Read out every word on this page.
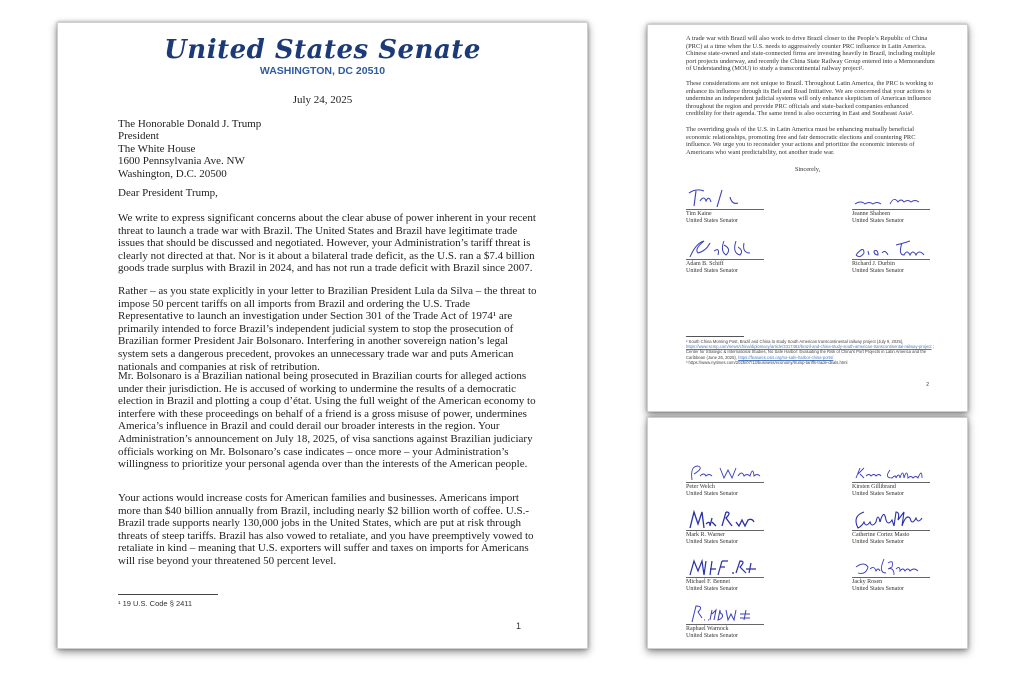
United States Senate
WASHINGTON, DC 20510
July 24, 2025
The Honorable Donald J. Trump
President
The White House
1600 Pennsylvania Ave. NW
Washington, D.C. 20500
Dear President Trump,

We write to express significant concerns about the clear abuse of power inherent in your recent threat to launch a trade war with Brazil. The United States and Brazil have legitimate trade issues that should be discussed and negotiated. However, your Administration’s tariff threat is clearly not directed at that. Nor is it about a bilateral trade deficit, as the U.S. ran a $7.4 billion goods trade surplus with Brazil in 2024, and has not run a trade deficit with Brazil since 2007.

Rather – as you state explicitly in your letter to Brazilian President Lula da Silva – the threat to impose 50 percent tariffs on all imports from Brazil and ordering the U.S. Trade Representative to launch an investigation under Section 301 of the Trade Act of 1974¹ are primarily intended to force Brazil’s independent judicial system to stop the prosecution of Brazilian former President Jair Bolsonaro. Interfering in another sovereign nation’s legal system sets a dangerous precedent, provokes an unnecessary trade war and puts American nationals and companies at risk of retribution.

Mr. Bolsonaro is a Brazilian national being prosecuted in Brazilian courts for alleged actions under their jurisdiction. He is accused of working to undermine the results of a democratic election in Brazil and plotting a coup d’état. Using the full weight of the American economy to interfere with these proceedings on behalf of a friend is a gross misuse of power, undermines America’s influence in Brazil and could derail our broader interests in the region. Your Administration’s announcement on July 18, 2025, of visa sanctions against Brazilian judiciary officials working on Mr. Bolsonaro’s case indicates – once more – your Administration’s willingness to prioritize your personal agenda over than the interests of the American people.

Your actions would increase costs for American families and businesses. Americans import more than $40 billion annually from Brazil, including nearly $2 billion worth of coffee. U.S.-Brazil trade supports nearly 130,000 jobs in the United States, which are put at risk through threats of steep tariffs. Brazil has also vowed to retaliate, and you have preemptively vowed to retaliate in kind – meaning that U.S. exporters will suffer and taxes on imports for Americans will rise beyond your threatened 50 percent level.

¹ 19 U.S. Code § 2411
1

A trade war with Brazil will also work to drive Brazil closer to the People’s Republic of China (PRC) at a time when the U.S. needs to aggressively counter PRC influence in Latin America. Chinese state-owned and state-connected firms are investing heavily in Brazil, including multiple port projects underway, and recently the China State Railway Group entered into a Memorandum of Understanding (MOU) to study a transcontinental railway project².

These considerations are not unique to Brazil. Throughout Latin America, the PRC is working to enhance its influence through its Belt and Road Initiative. We are concerned that your actions to undermine an independent judicial systems will only enhance skepticism of American influence throughout the region and provide PRC officials and state-backed companies enhanced credibility for their agenda. The same trend is also occurring in East and Southeast Asia³.

The overriding goals of the U.S. in Latin America must be enhancing mutually beneficial economic relationships, promoting free and fair democratic elections and countering PRC influence. We urge you to reconsider your actions and prioritize the economic interests of Americans who want predictability, not another trade war.

Sincerely,
Tim Kaine
United States Senator
Jeanne Shaheen
United States Senator
Adam B. Schiff
United States Senator
Richard J. Durbin
United States Senator
² South China Morning Post, Brazil and China to study South American transcontinental railway project (July 9, 2025), https://www.scmp.com/news/china/diplomacy/article/3317462/brazil-and-china-study-south-american-transcontinental-railway-project ; Center for Strategic & International Studies, No Safe Harbor: Evaluating the Risk of China’s Port Projects in Latin America and the Caribbean (June 26, 2025), https://features.csis.org/no-safe-harbor-china-ports/
³ https://www.nytimes.com/2025/07/13/business/economy/trump-tariffs-trade-deals.html
2
Peter Welch
United States Senator
Kirsten Gillibrand
United States Senator
Mark R. Warner
United States Senator
Catherine Cortez Masto
United States Senator
Michael F. Bennet
United States Senator
Jacky Rosen
United States Senator
Raphael Warnock
United States Senator
